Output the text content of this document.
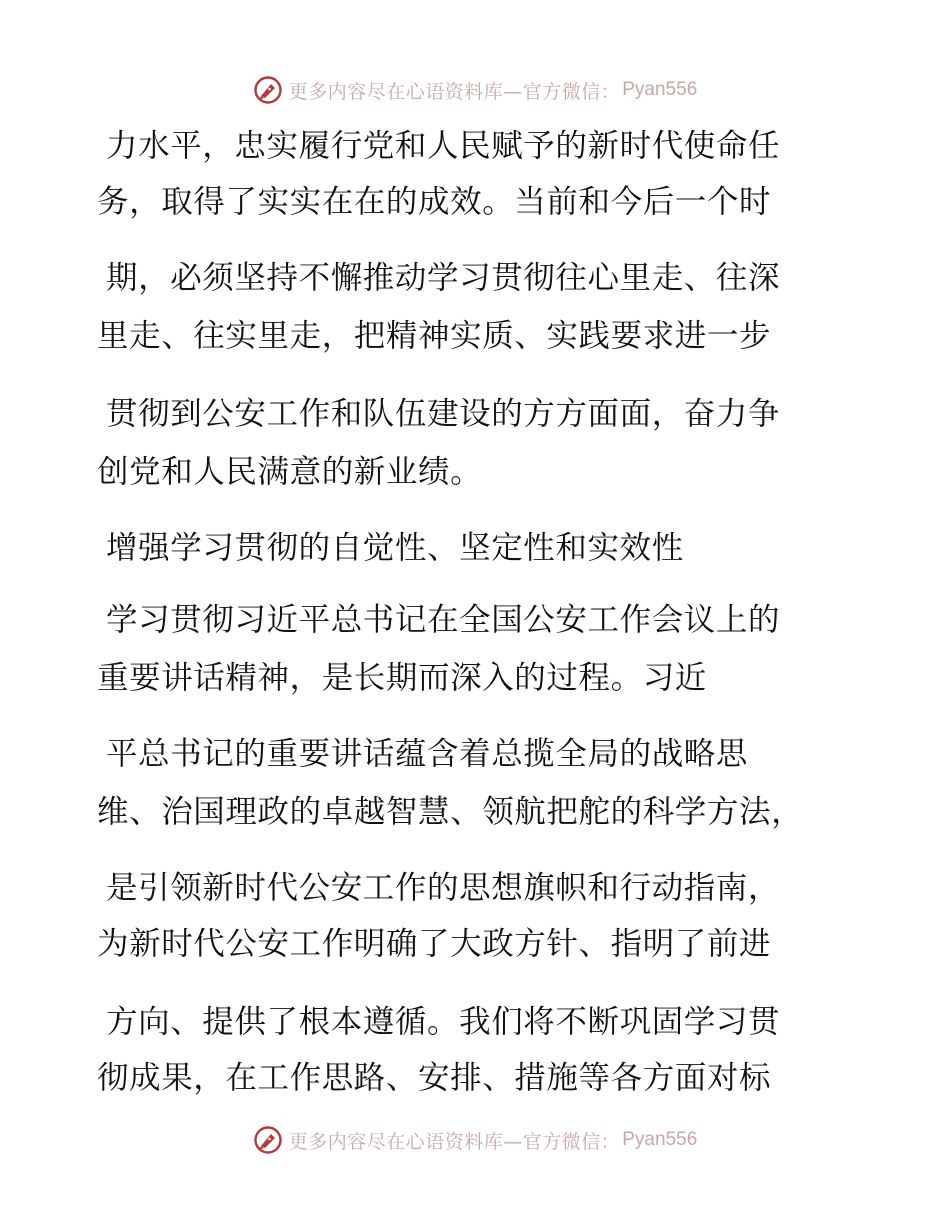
更多内容尽在心语资料库—官方微信： Pyan556
力水平，忠实履行党和人民赋予的新时代使命任
务，取得了实实在在的成效。当前和今后一个时
期，必须坚持不懈推动学习贯彻往心里走、往深
里走、往实里走，把精神实质、实践要求进一步
贯彻到公安工作和队伍建设的方方面面，奋力争
创党和人民满意的新业绩。
增强学习贯彻的自觉性、坚定性和实效性
学习贯彻习近平总书记在全国公安工作会议上的
重要讲话精神，是长期而深入的过程。习近
平总书记的重要讲话蕴含着总揽全局的战略思
维、治国理政的卓越智慧、领航把舵的科学方法，
是引领新时代公安工作的思想旗帜和行动指南，
为新时代公安工作明确了大政方针、指明了前进
方向、提供了根本遵循。我们将不断巩固学习贯
彻成果，在工作思路、安排、措施等各方面对标
更多内容尽在心语资料库—官方微信： Pyan556
